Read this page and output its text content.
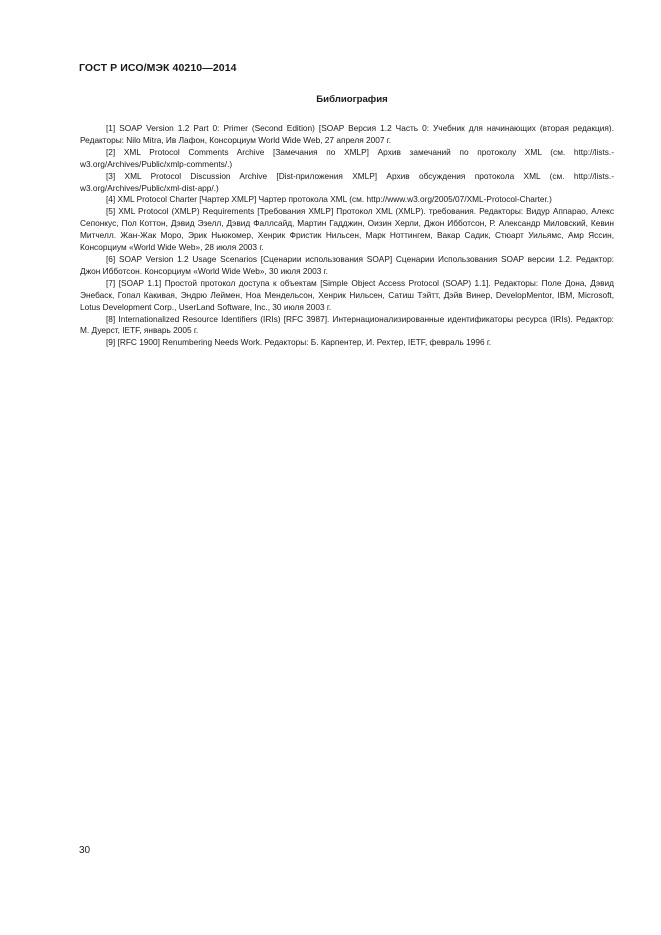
ГОСТ Р ИСО/МЭК 40210—2014
Библиография

[1] SOAP Version 1.2 Part 0: Primer (Second Edition) [SOAP Версия 1.2 Часть 0: Учебник для начинающих (вторая редакция). Редакторы: Nilo Mitra, Ив Лафон, Консорциум World Wide Web, 27 апреля 2007 г.

[2] XML Protocol Comments Archive [Замечания по XMLP] Архив замечаний по протоколу XML (см. http://lists.w3.org/Archives/Public/xmlp-comments/.)

[3] XML Protocol Discussion Archive [Dist-приложения XMLP] Архив обсуждения протокола XML (см. http://lists.w3.org/Archives/Public/xml-dist-app/.)

[4] XML Protocol Charter [Чартер XMLP] Чартер протокола XML (см. http://www.w3.org/2005/07/XML-Protocol-Charter.)

[5] XML Protocol (XMLP) Requirements [Требования XMLP] Протокол XML (XMLP). требования. Редакторы: Видур Аппарао, Алекс Сепонкус, Пол Коттон, Дэвид Эзелл, Дэвид Фаллсайд, Мартин Гадджин, Оизин Херли, Джон Ибботсон, Р. Александр Миловский, Кевин Митчелл. Жан-Жак Моро, Эрик Ньюкомер, Хенрик Фристик Нильсен, Марк Ноттингем, Вакар Садик, Стюарт Уильямс, Амр Яссин, Консорциум «World Wide Web», 28 июля 2003 г.

[6] SOAP Version 1.2 Usage Scenarios [Сценарии использования SOAP] Сценарии Использования SOAP версии 1.2. Редактор: Джон Ибботсон. Консорциум «World Wide Web», 30 июля 2003 г.

[7] [SOAP 1.1] Простой протокол доступа к объектам [Simple Object Access Protocol (SOAP) 1.1]. Редакторы: Поле Дона, Дэвид Энебаск, Гопал Какивая, Эндрю Леймен, Ноа Мендельсон, Хенрик Нильсен, Сатиш Тэйтт, Дэйв Винер, DevelopMentor, IBM, Microsoft, Lotus Development Corp., UserLand Software, Inc., 30 июля 2003 г.

[8] Internationalized Resource Identifiers (IRIs) [RFC 3987]. Интернационализированные идентификаторы ресурса (IRIs). Редактор: М. Дуерст, IETF, январь 2005 г.

[9] [RFC 1900] Renumbering Needs Work. Редакторы: Б. Карпентер, И. Рехтер, IETF, февраль 1996 г.

30
